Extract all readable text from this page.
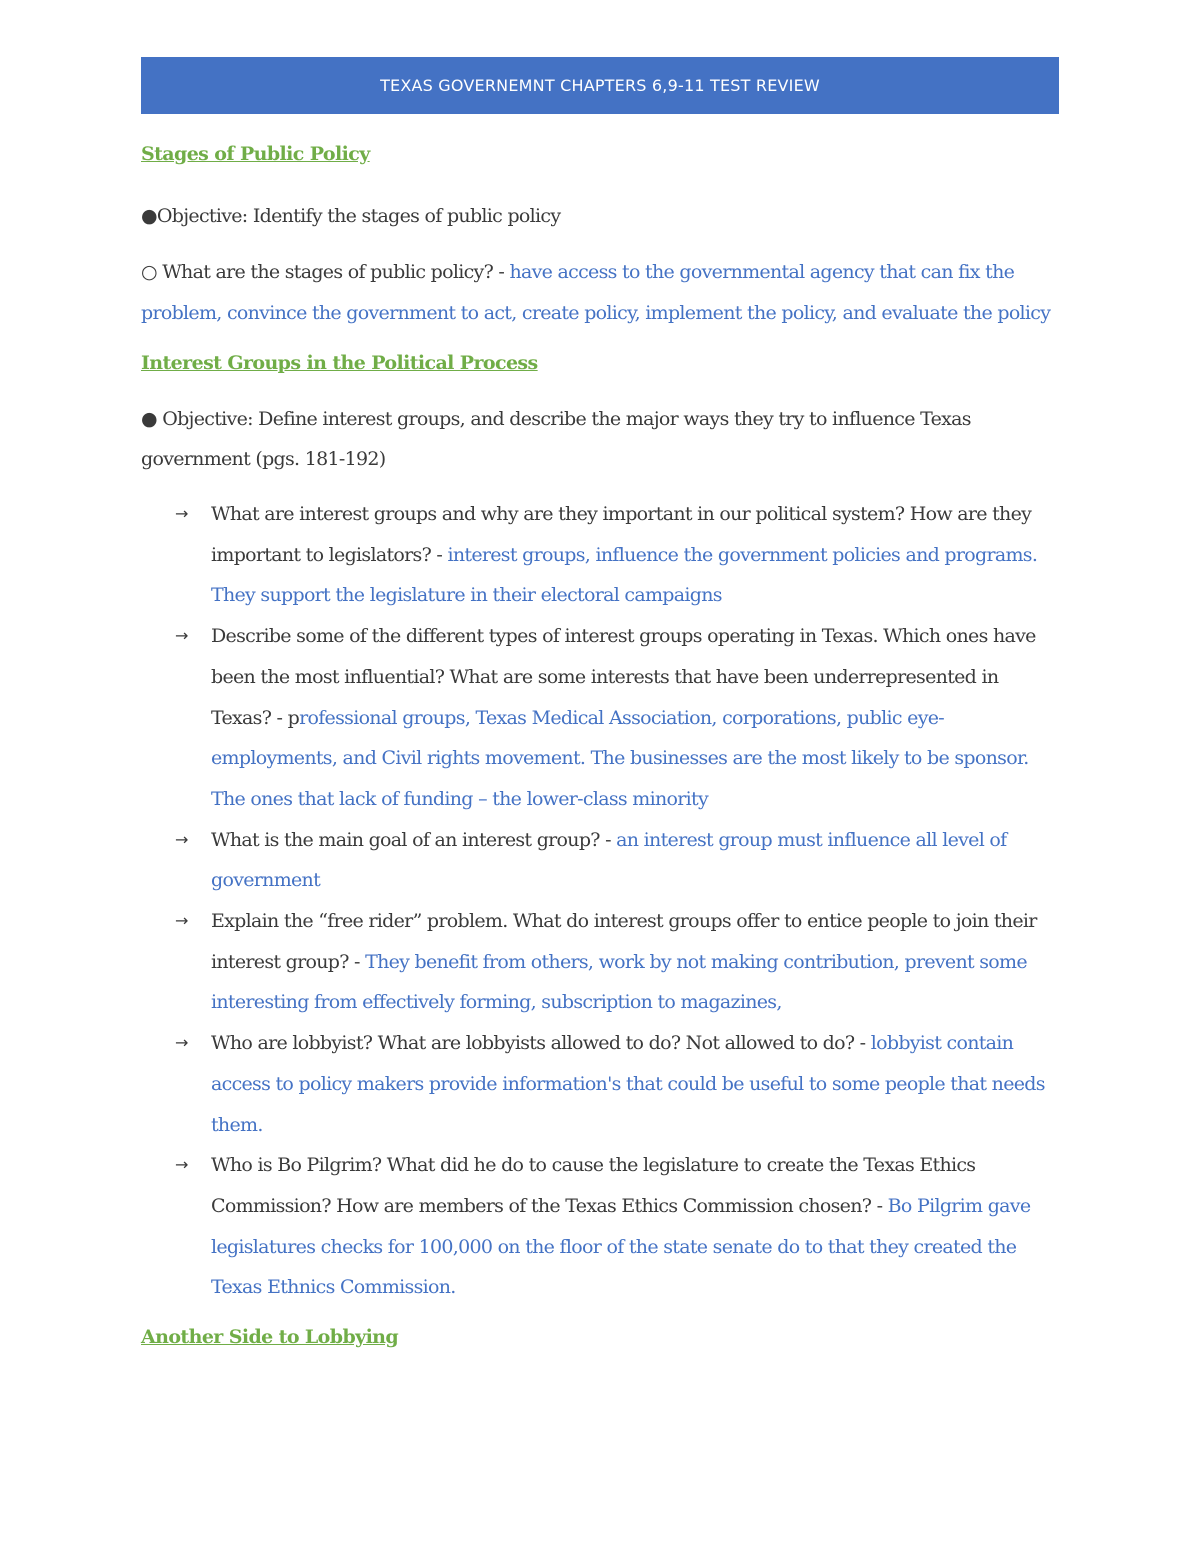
TEXAS GOVERNEMNT CHAPTERS 6,9-11 TEST REVIEW
Stages of Public Policy

●Objective: Identify the stages of public policy

○ What are the stages of public policy? - have access to the governmental agency that can fix the problem, convince the government to act, create policy, implement the policy, and evaluate the policy

Interest Groups in the Political Process

● Objective: Define interest groups, and describe the major ways they try to influence Texas government (pgs. 181-192)

→ What are interest groups and why are they important in our political system? How are they important to legislators? - interest groups, influence the government policies and programs. They support the legislature in their electoral campaigns
→ Describe some of the different types of interest groups operating in Texas. Which ones have been the most influential? What are some interests that have been underrepresented in Texas? - professional groups, Texas Medical Association, corporations, public eye-employments, and Civil rights movement. The businesses are the most likely to be sponsor. The ones that lack of funding – the lower-class minority
→ What is the main goal of an interest group? - an interest group must influence all level of government
→ Explain the “free rider” problem. What do interest groups offer to entice people to join their interest group? - They benefit from others, work by not making contribution, prevent some interesting from effectively forming, subscription to magazines,
→ Who are lobbyist? What are lobbyists allowed to do? Not allowed to do? - lobbyist contain access to policy makers provide information's that could be useful to some people that needs them.
→ Who is Bo Pilgrim? What did he do to cause the legislature to create the Texas Ethics Commission? How are members of the Texas Ethics Commission chosen? - Bo Pilgrim gave legislatures checks for 100,000 on the floor of the state senate do to that they created the Texas Ethnics Commission.
Another Side to Lobbying
